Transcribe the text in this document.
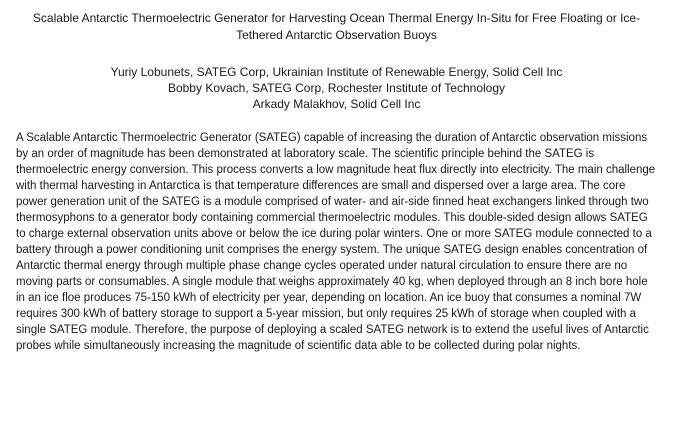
Scalable Antarctic Thermoelectric Generator for Harvesting Ocean Thermal Energy In-Situ for Free Floating or Ice-Tethered Antarctic Observation Buoys
Yuriy Lobunets, SATEG Corp, Ukrainian Institute of Renewable Energy, Solid Cell Inc
Bobby Kovach, SATEG Corp, Rochester Institute of Technology
Arkady Malakhov, Solid Cell Inc

A Scalable Antarctic Thermoelectric Generator (SATEG) capable of increasing the duration of Antarctic observation missions by an order of magnitude has been demonstrated at laboratory scale. The scientific principle behind the SATEG is thermoelectric energy conversion. This process converts a low magnitude heat flux directly into electricity. The main challenge with thermal harvesting in Antarctica is that temperature differences are small and dispersed over a large area. The core power generation unit of the SATEG is a module comprised of water- and air-side finned heat exchangers linked through two thermosyphons to a generator body containing commercial thermoelectric modules. This double-sided design allows SATEG to charge external observation units above or below the ice during polar winters. One or more SATEG module connected to a battery through a power conditioning unit comprises the energy system. The unique SATEG design enables concentration of Antarctic thermal energy through multiple phase change cycles operated under natural circulation to ensure there are no moving parts or consumables. A single module that weighs approximately 40 kg, when deployed through an 8 inch bore hole in an ice floe produces 75-150 kWh of electricity per year, depending on location. An ice buoy that consumes a nominal 7W requires 300 kWh of battery storage to support a 5-year mission, but only requires 25 kWh of storage when coupled with a single SATEG module. Therefore, the purpose of deploying a scaled SATEG network is to extend the useful lives of Antarctic probes while simultaneously increasing the magnitude of scientific data able to be collected during polar nights.
